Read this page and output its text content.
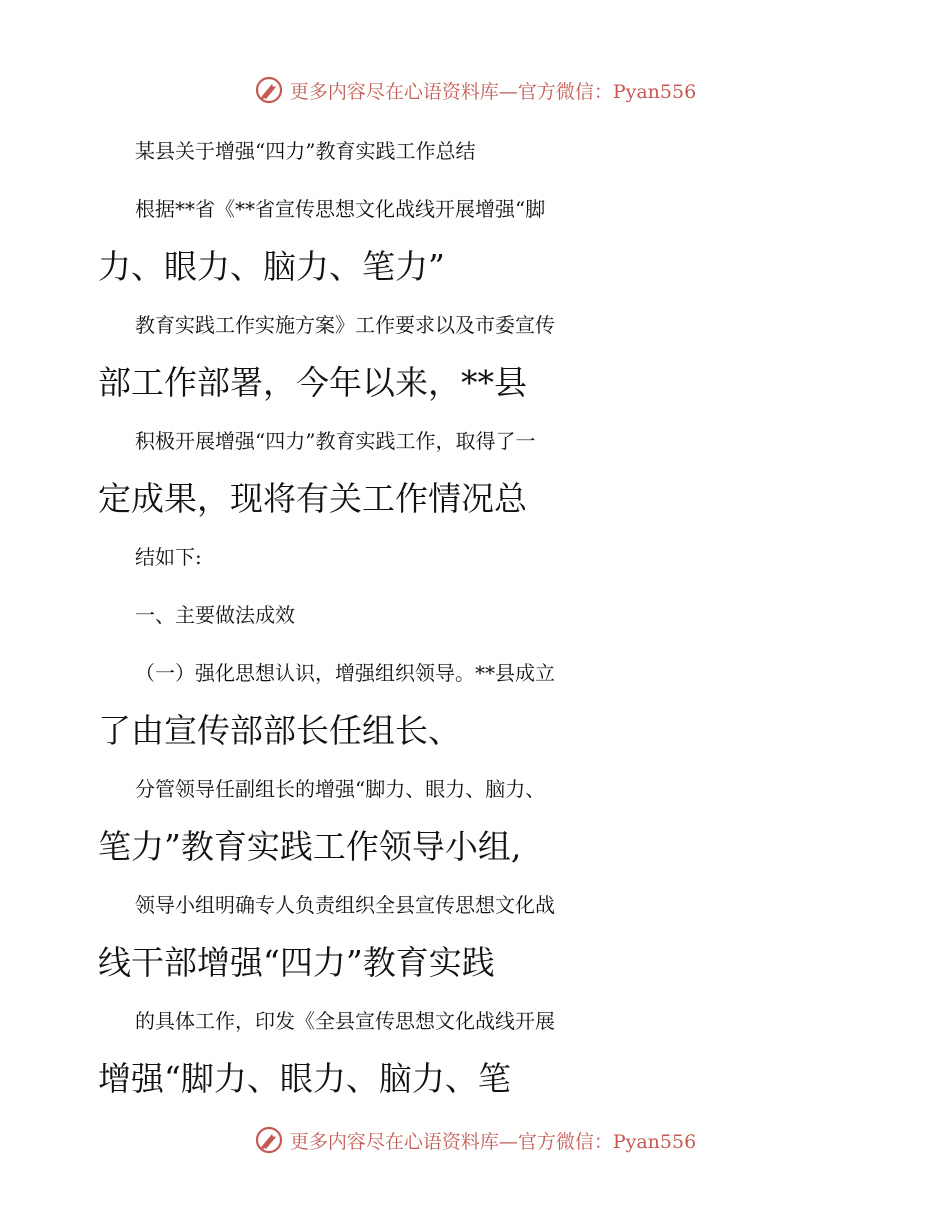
更多内容尽在心语资料库—官方微信：Pyan556
某县关于增强“四力”教育实践工作总结
根据**省《**省宣传思想文化战线开展增强“脚
力、眼力、脑力、笔力”
教育实践工作实施方案》工作要求以及市委宣传
部工作部署，今年以来，**县
积极开展增强“四力”教育实践工作，取得了一
定成果，现将有关工作情况总
结如下:
一、主要做法成效
（一）强化思想认识，增强组织领导。**县成立
了由宣传部部长任组长、
分管领导任副组长的增强“脚力、眼力、脑力、
笔力”教育实践工作领导小组,
领导小组明确专人负责组织全县宣传思想文化战
线干部增强“四力”教育实践
的具体工作，印发《全县宣传思想文化战线开展
增强“脚力、眼力、脑力、笔
更多内容尽在心语资料库—官方微信：Pyan556
